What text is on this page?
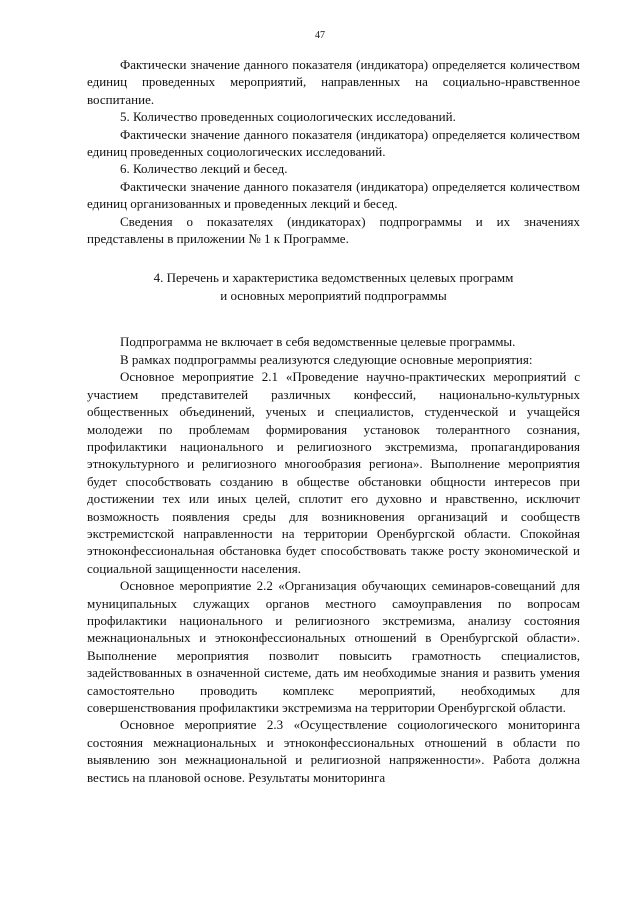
47

Фактически значение данного показателя (индикатора) определяется количеством единиц проведенных мероприятий, направленных на социально-нравственное воспитание.

5. Количество проведенных социологических исследований.

Фактически значение данного показателя (индикатора) определяется количеством единиц проведенных социологических исследований.

6. Количество лекций и бесед.

Фактически значение данного показателя (индикатора) определяется количеством единиц организованных и проведенных лекций и бесед.

Сведения о показателях (индикаторах) подпрограммы и их значениях представлены в приложении № 1 к Программе.

4. Перечень и характеристика ведомственных целевых программ
и основных мероприятий подпрограммы

Подпрограмма не включает в себя ведомственные целевые программы.

В рамках подпрограммы реализуются следующие основные мероприятия:

Основное мероприятие 2.1 «Проведение научно-практических мероприятий с участием представителей различных конфессий, национально-культурных общественных объединений, ученых и специалистов, студенческой и учащейся молодежи по проблемам формирования установок толерантного сознания, профилактики национального и религиозного экстремизма, пропагандирования этнокультурного и религиозного многообразия региона». Выполнение мероприятия будет способствовать созданию в обществе обстановки общности интересов при достижении тех или иных целей, сплотит его духовно и нравственно, исключит возможность появления среды для возникновения организаций и сообществ экстремистской направленности на территории Оренбургской области. Спокойная этноконфессиональная обстановка будет способствовать также росту экономической и социальной защищенности населения.

Основное мероприятие 2.2 «Организация обучающих семинаров-совещаний для муниципальных служащих органов местного самоуправления по вопросам профилактики национального и религиозного экстремизма, анализу состояния межнациональных и этноконфессиональных отношений в Оренбургской области». Выполнение мероприятия позволит повысить грамотность специалистов, задействованных в означенной системе, дать им необходимые знания и развить умения самостоятельно проводить комплекс мероприятий, необходимых для совершенствования профилактики экстремизма на территории Оренбургской области.

Основное мероприятие 2.3 «Осуществление социологического мониторинга состояния межнациональных и этноконфессиональных отношений в области по выявлению зон межнациональной и религиозной напряженности». Работа должна вестись на плановой основе. Результаты мониторинга
